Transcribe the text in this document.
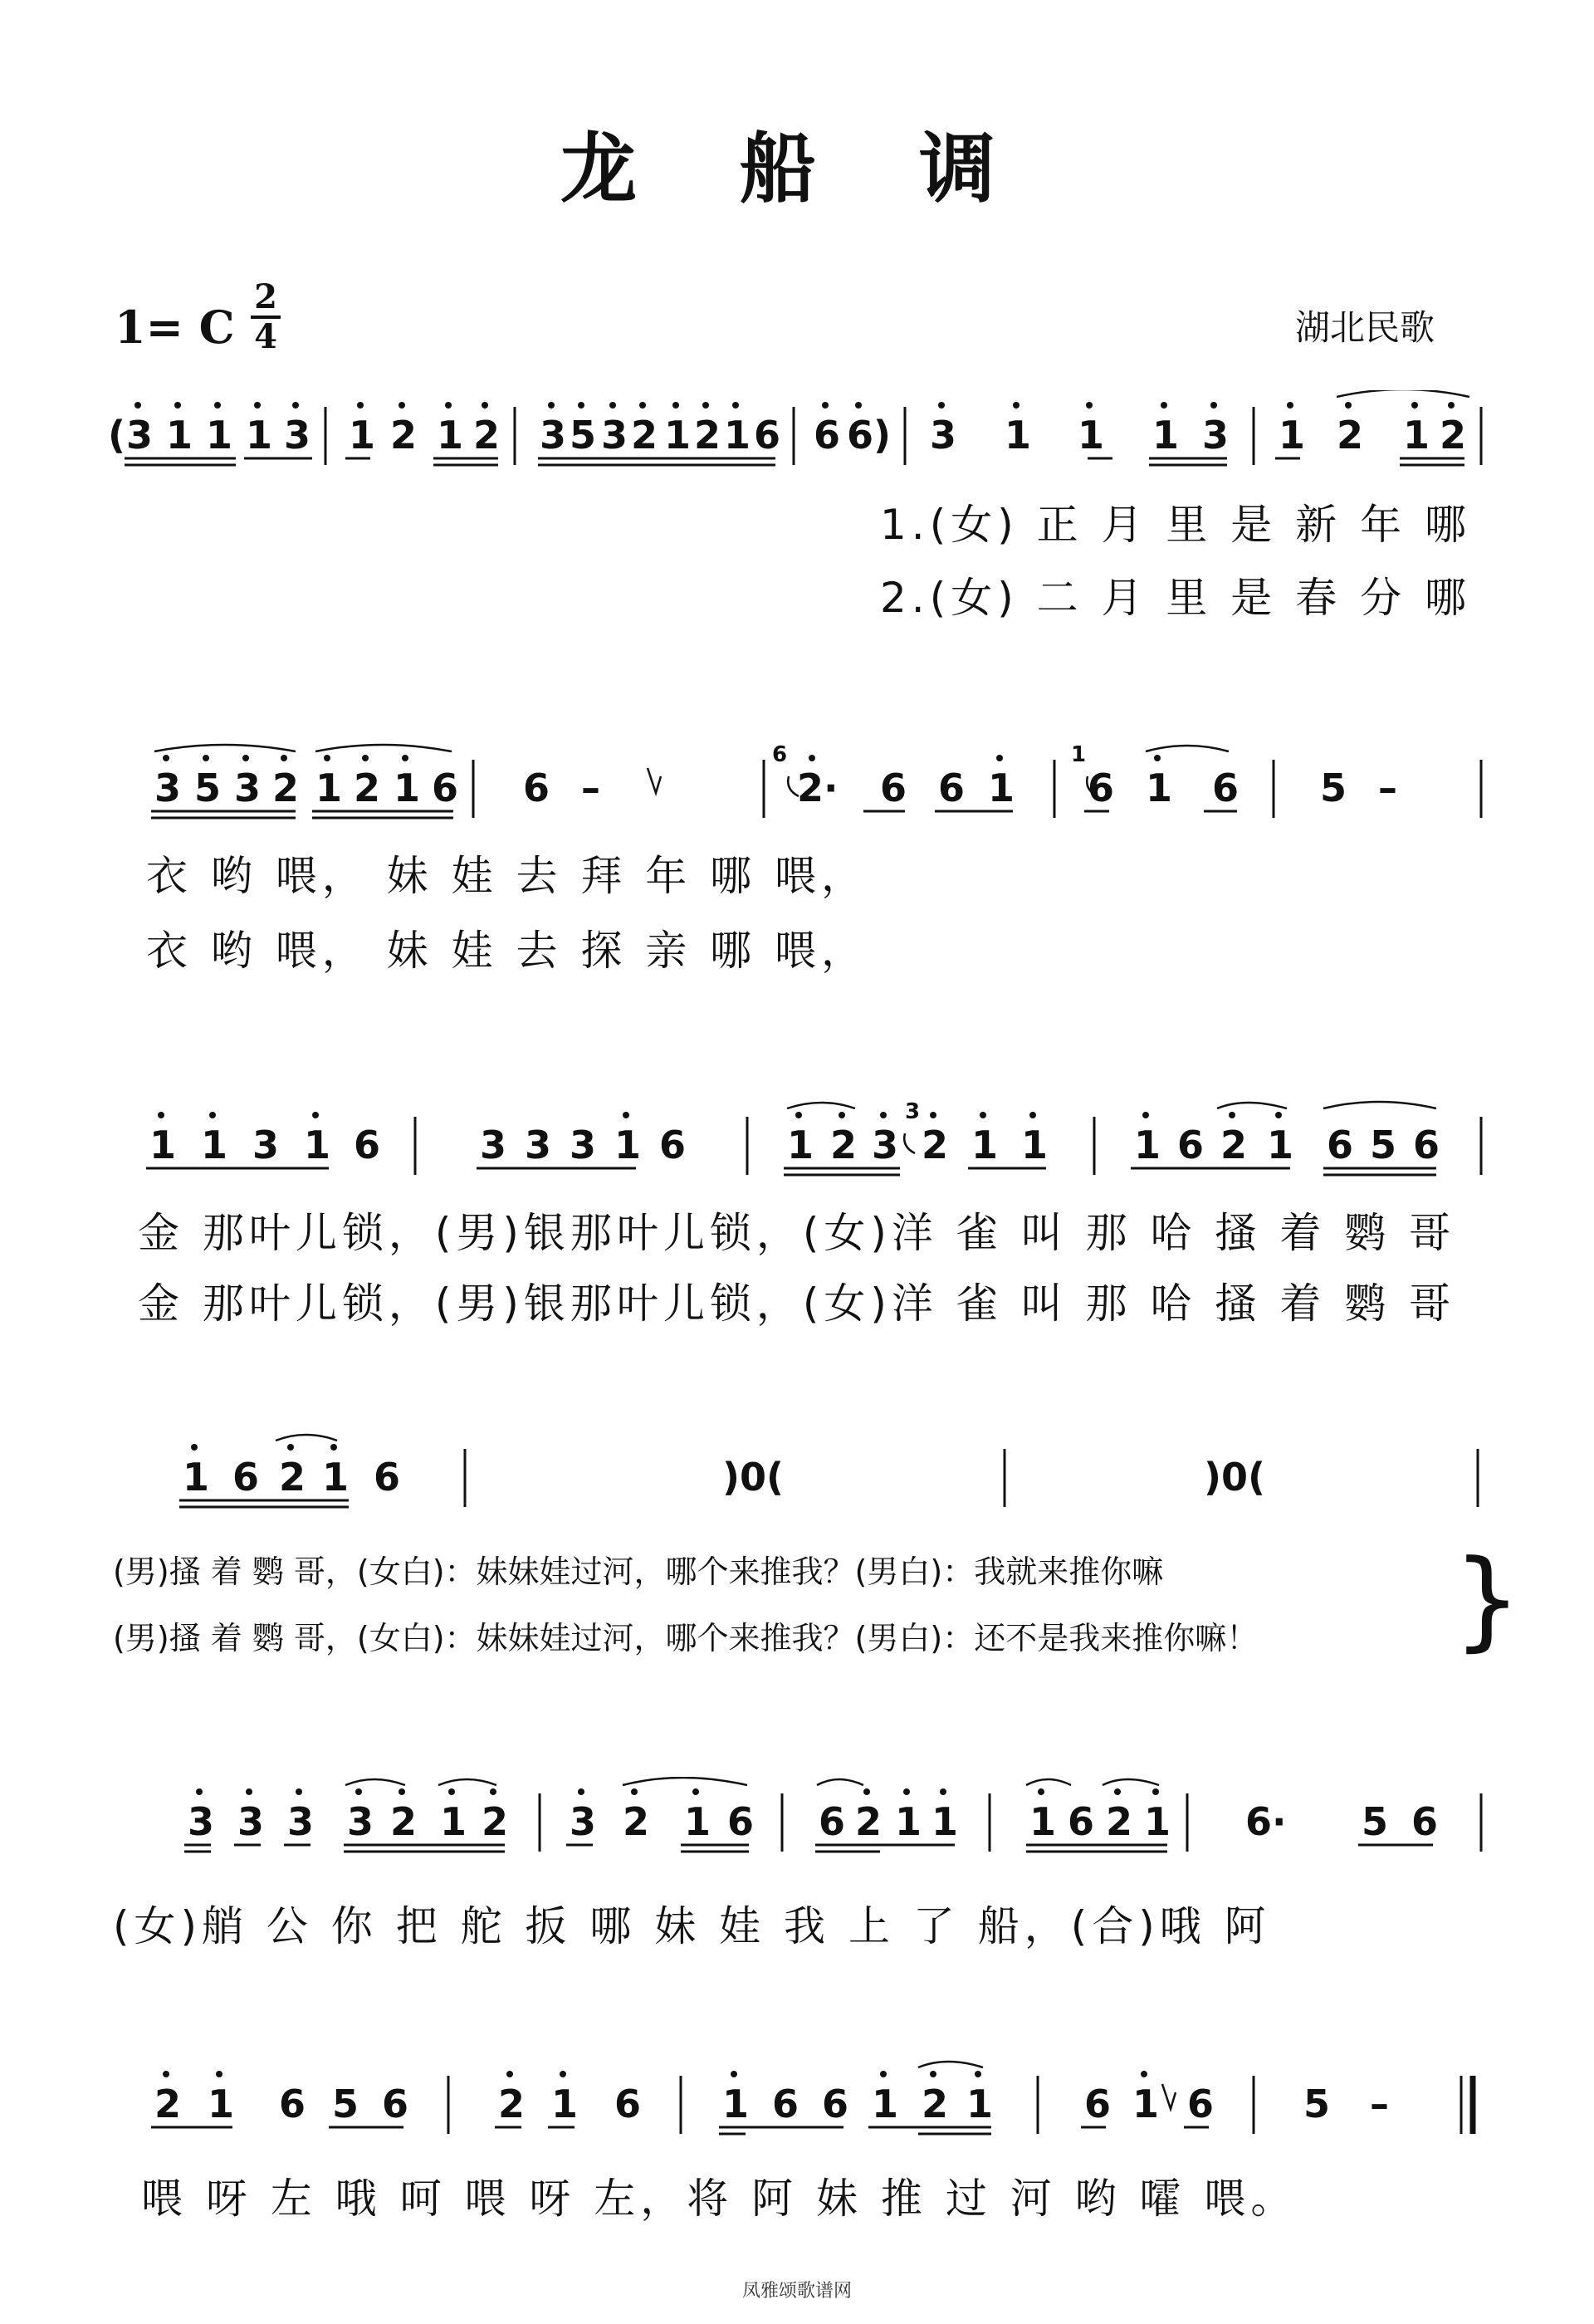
龙 船 调
1= C
2
4	湖北民歌
( 3 1 1 1 3 1 2 1 2 3 5 3 2 1 2 1 6 6 6) 3 1 1 1 3 1 2 1 2
1.(女) 正 月 里 是 新 年 哪
2.(女) 二 月 里 是 春 分 哪
3 5 3 2 1 2 1 6 6 –	2· 6 6 1 6 1 6 5 –
6	1
衣 哟 喂， 妹 娃 去 拜 年 哪 喂，
衣 哟 喂， 妹 娃 去 探 亲 哪 喂，
1 1 3 1 6	3 3 3 1 6	1 2 3 2 1 1 1 6 2 1 6 5 6
3
金 那叶儿锁，(男)银那叶儿锁，(女)洋 雀 叫 那 哈 搔 着 鹦 哥
金 那叶儿锁，(男)银那叶儿锁，(女)洋 雀 叫 那 哈 搔 着 鹦 哥
1 6 2 1 6	)0(	)0(
(男)搔 着 鹦 哥，(女白)：妹妹娃过河，哪个来推我？(男白)：我就来推你嘛
(男)搔 着 鹦 哥，(女白)：妹妹娃过河，哪个来推我？(男白)：还不是我来推你嘛！ }
3 3 3 3 2 1 2 3 2 1 6 6 2 1 1 1 6 2 1 6· 5 6
(女)艄 公 你 把 舵 扳 哪 妹 娃 我 上 了 船，(合)哦 阿
2 1 6 5 6 2 1 6 1 6 6 1 2 1 6 1 6 5 –
喂 呀 左 哦 呵 喂 呀 左，将 阿 妹 推 过 河 哟 嚯 喂。
凤雅颂歌谱网
